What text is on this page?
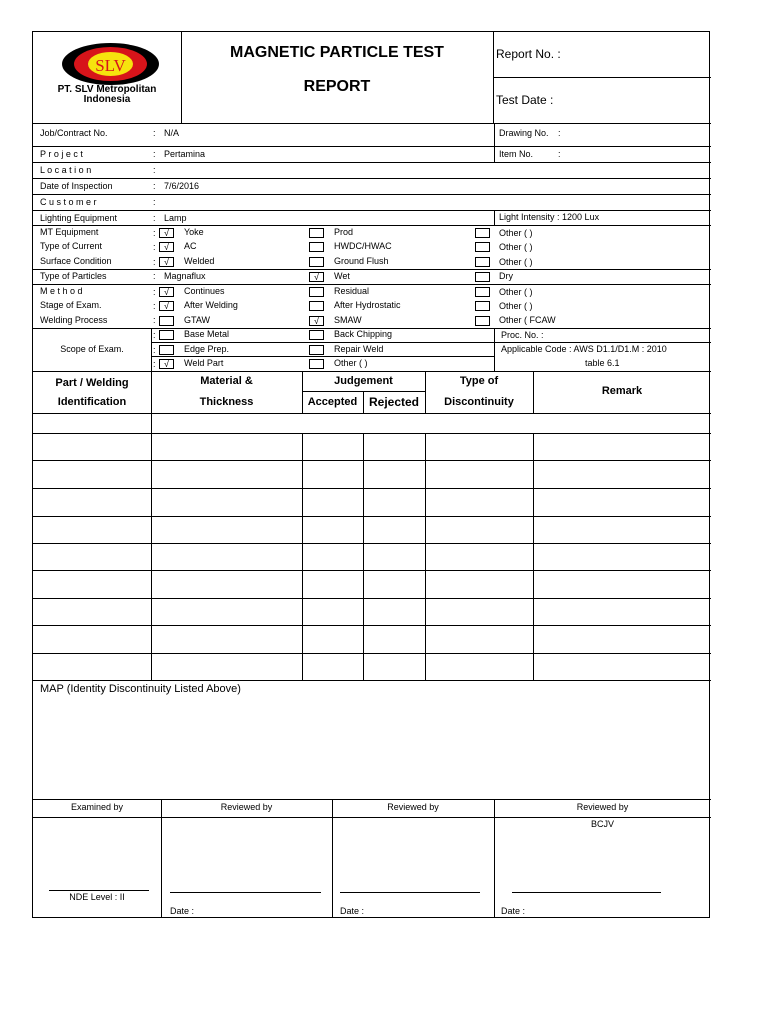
SLV
PT. SLV Metropolitan
Indonesia
MAGNETIC PARTICLE TEST
REPORT
Report No. :
Test Date :
Job/Contract No.	: N/A	Drawing No. :
P r o j e c t	: Pertamina	Item No.	:
L o c a t i o n	:
Date of Inspection	: 7/6/2016
C u s t o m e r	:
Lighting Equipment	: Lamp	Light Intensity : 1200 Lux
MT Equipment	: √	Yoke	Prod	Other ( )
Type of Current	: √	AC	HWDC/HWAC	Other ( )
Surface Condition	: √	Welded	Ground Flush	Other ( )
Type of Particles	: Magnaflux	√	Wet	Dry
M e t h o d	: √	Continues	Residual	Other ( )
Stage of Exam.	: √	After Welding	After Hydrostatic	Other ( )
Welding Process	:	GTAW	√	SMAW	Other ( FCAW
Scope of Exam.
:	Base Metal	Back Chipping	Proc. No. :
:	Edge Prep.	Repair Weld	Applicable Code : AWS D1.1/D1.M : 2010
: √	Weld Part	Other ( )	table 6.1
Part / Welding
Identification
Material &
Thickness
Judgement
Accepted Rejected
Type of
Discontinuity
Remark
MAP (Identity Discontinuity Listed Above)
Examined by	Reviewed by	Reviewed by	Reviewed by
BCJV
NDE Level : II
Date :	Date :	Date :
